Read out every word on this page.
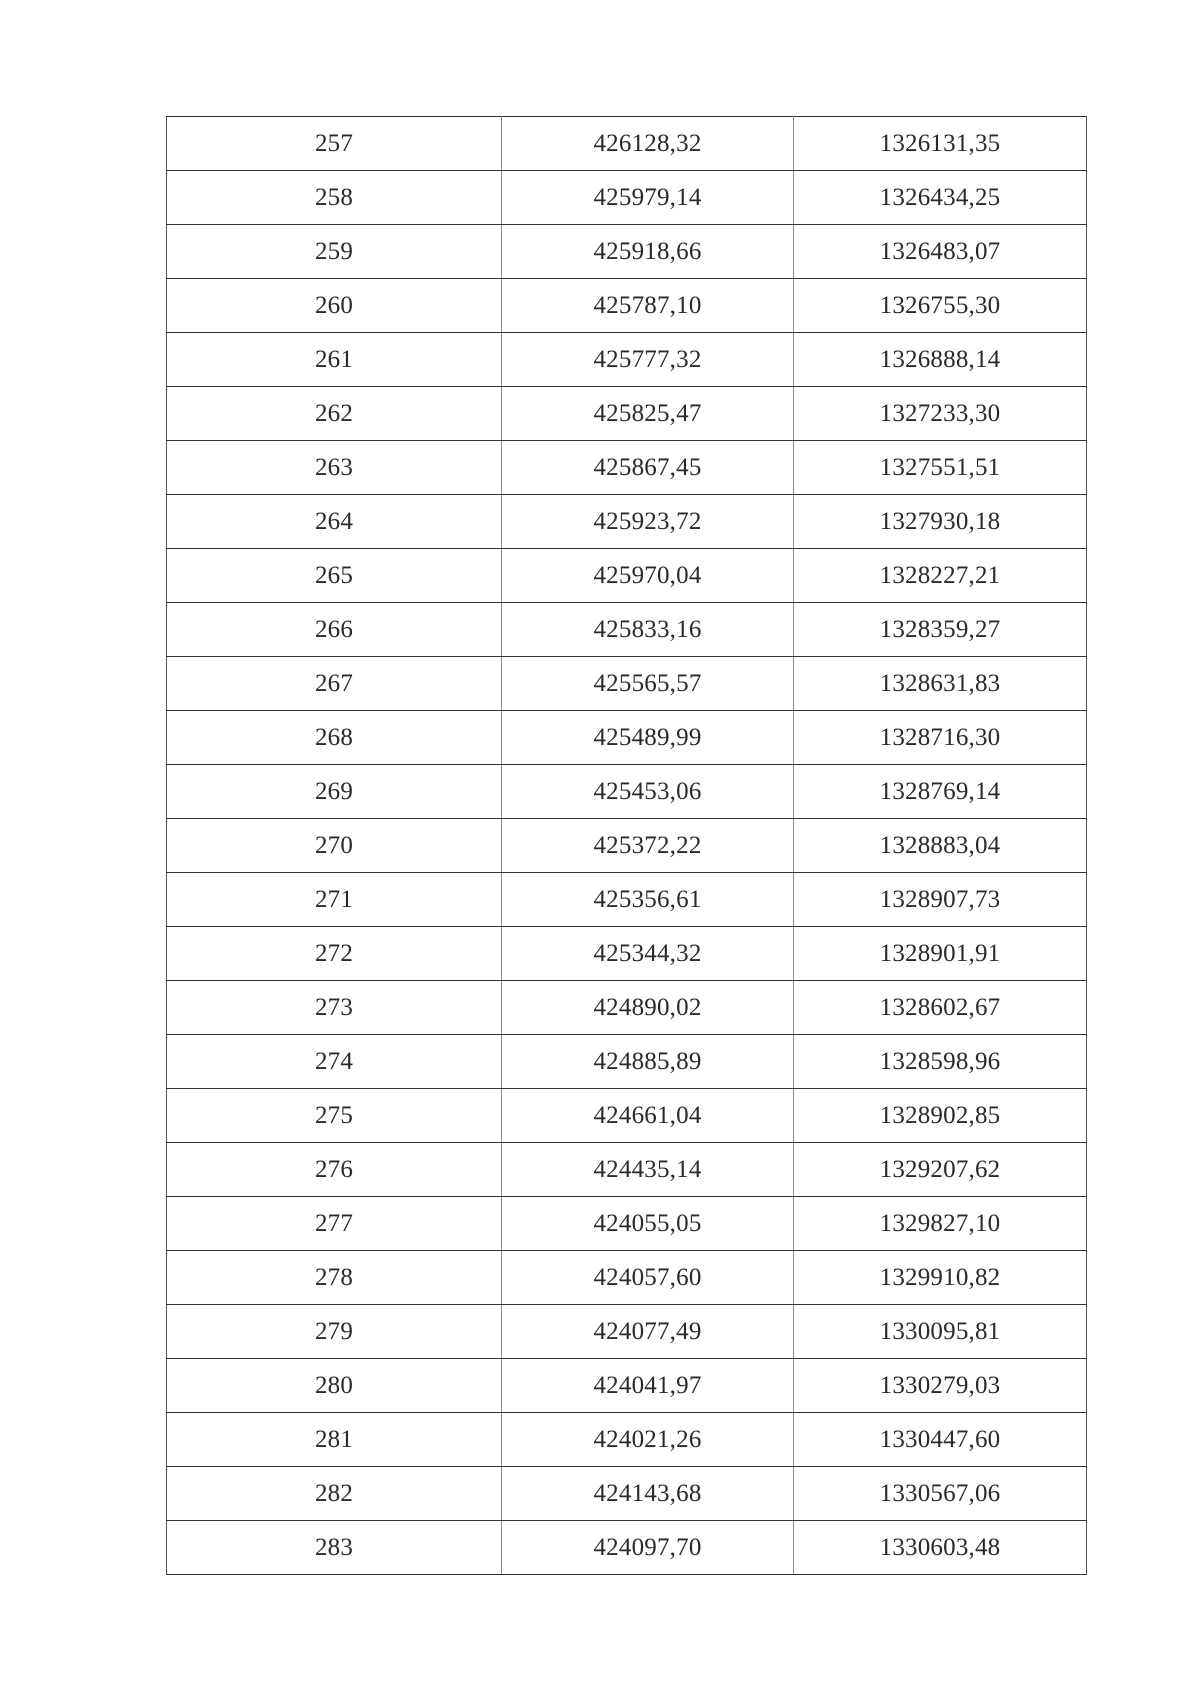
257	426128,32	1326131,35
258	425979,14	1326434,25
259	425918,66	1326483,07
260	425787,10	1326755,30
261	425777,32	1326888,14
262	425825,47	1327233,30
263	425867,45	1327551,51
264	425923,72	1327930,18
265	425970,04	1328227,21
266	425833,16	1328359,27
267	425565,57	1328631,83
268	425489,99	1328716,30
269	425453,06	1328769,14
270	425372,22	1328883,04
271	425356,61	1328907,73
272	425344,32	1328901,91
273	424890,02	1328602,67
274	424885,89	1328598,96
275	424661,04	1328902,85
276	424435,14	1329207,62
277	424055,05	1329827,10
278	424057,60	1329910,82
279	424077,49	1330095,81
280	424041,97	1330279,03
281	424021,26	1330447,60
282	424143,68	1330567,06
283	424097,70	1330603,48
